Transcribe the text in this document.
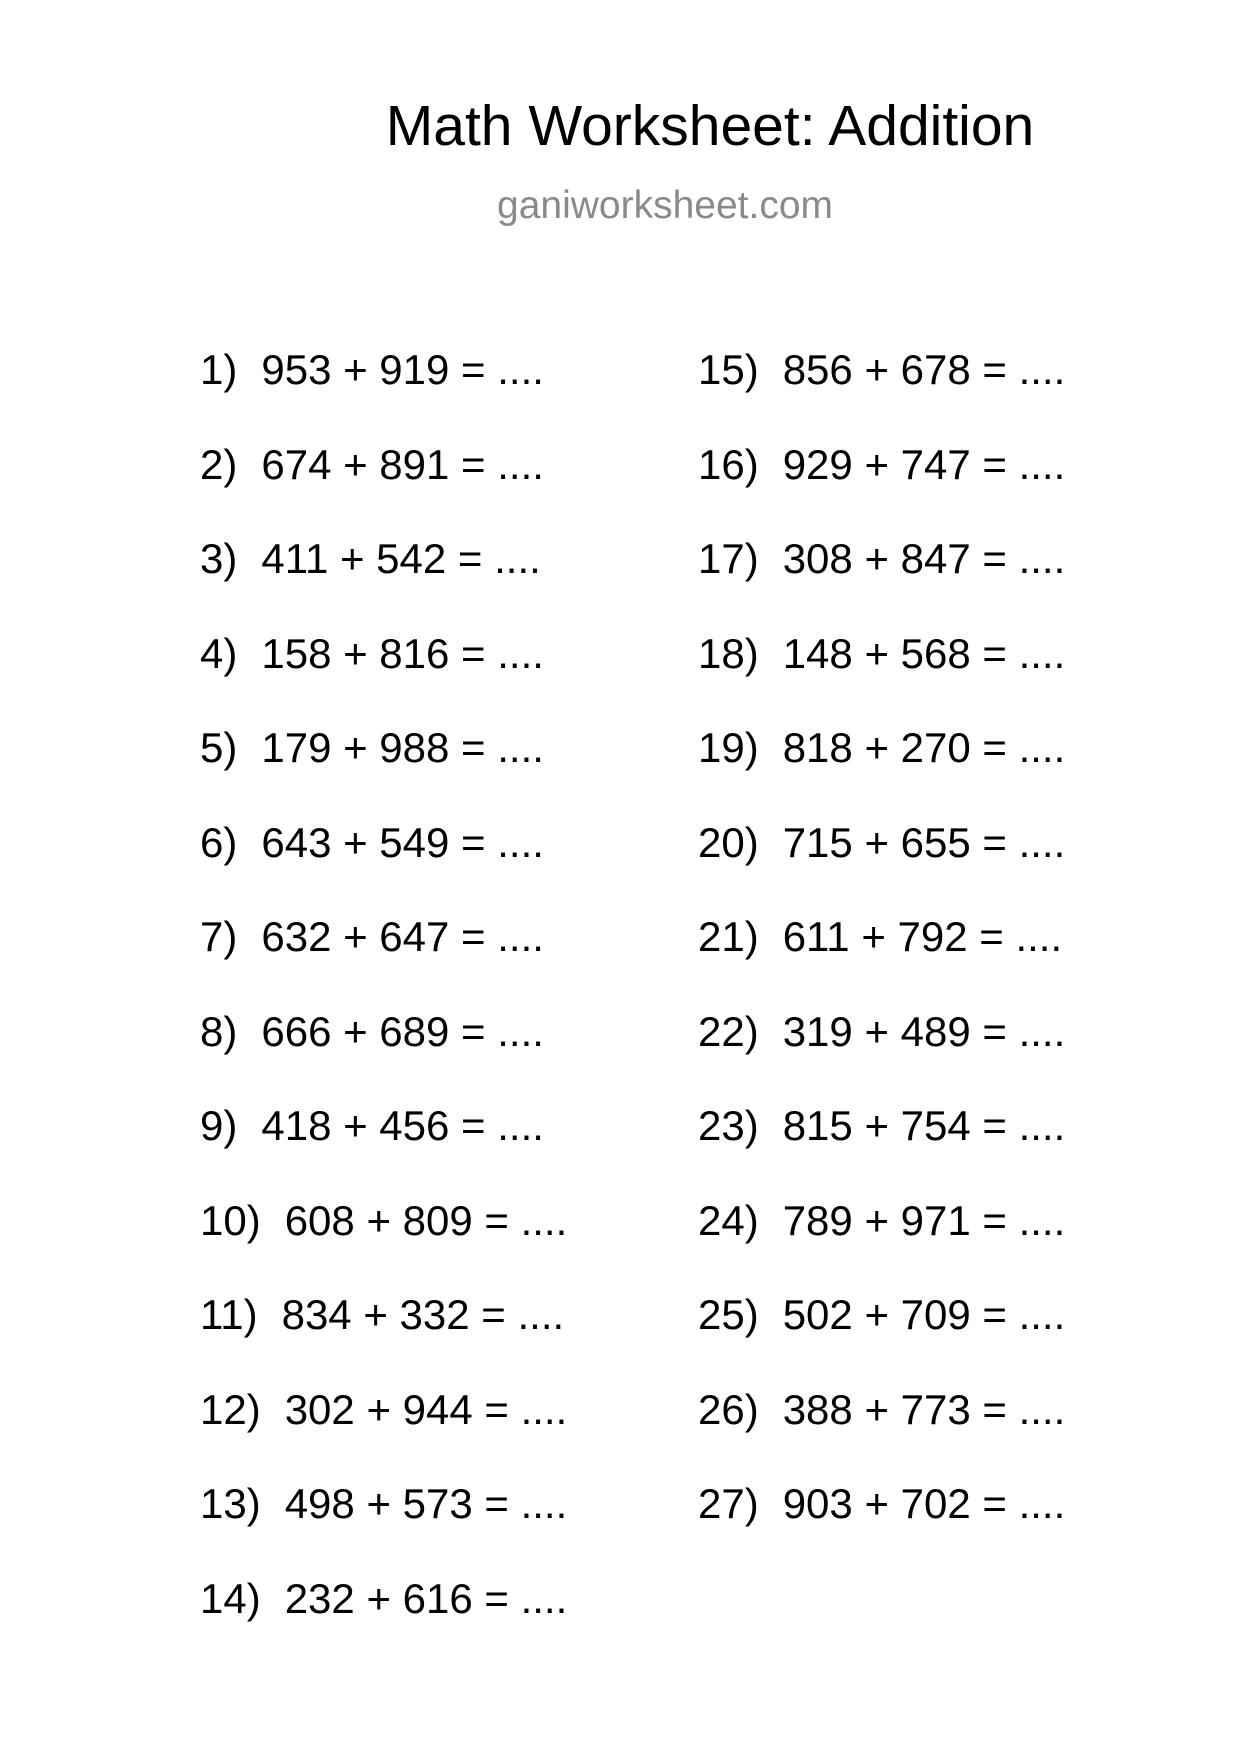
Math Worksheet: Addition
ganiworksheet.com
1) 953 + 919 = ....
2) 674 + 891 = ....
3) 411 + 542 = ....
4) 158 + 816 = ....
5) 179 + 988 = ....
6) 643 + 549 = ....
7) 632 + 647 = ....
8) 666 + 689 = ....
9) 418 + 456 = ....
10) 608 + 809 = ....
11) 834 + 332 = ....
12) 302 + 944 = ....
13) 498 + 573 = ....
14) 232 + 616 = ....
15) 856 + 678 = ....
16) 929 + 747 = ....
17) 308 + 847 = ....
18) 148 + 568 = ....
19) 818 + 270 = ....
20) 715 + 655 = ....
21) 611 + 792 = ....
22) 319 + 489 = ....
23) 815 + 754 = ....
24) 789 + 971 = ....
25) 502 + 709 = ....
26) 388 + 773 = ....
27) 903 + 702 = ....
